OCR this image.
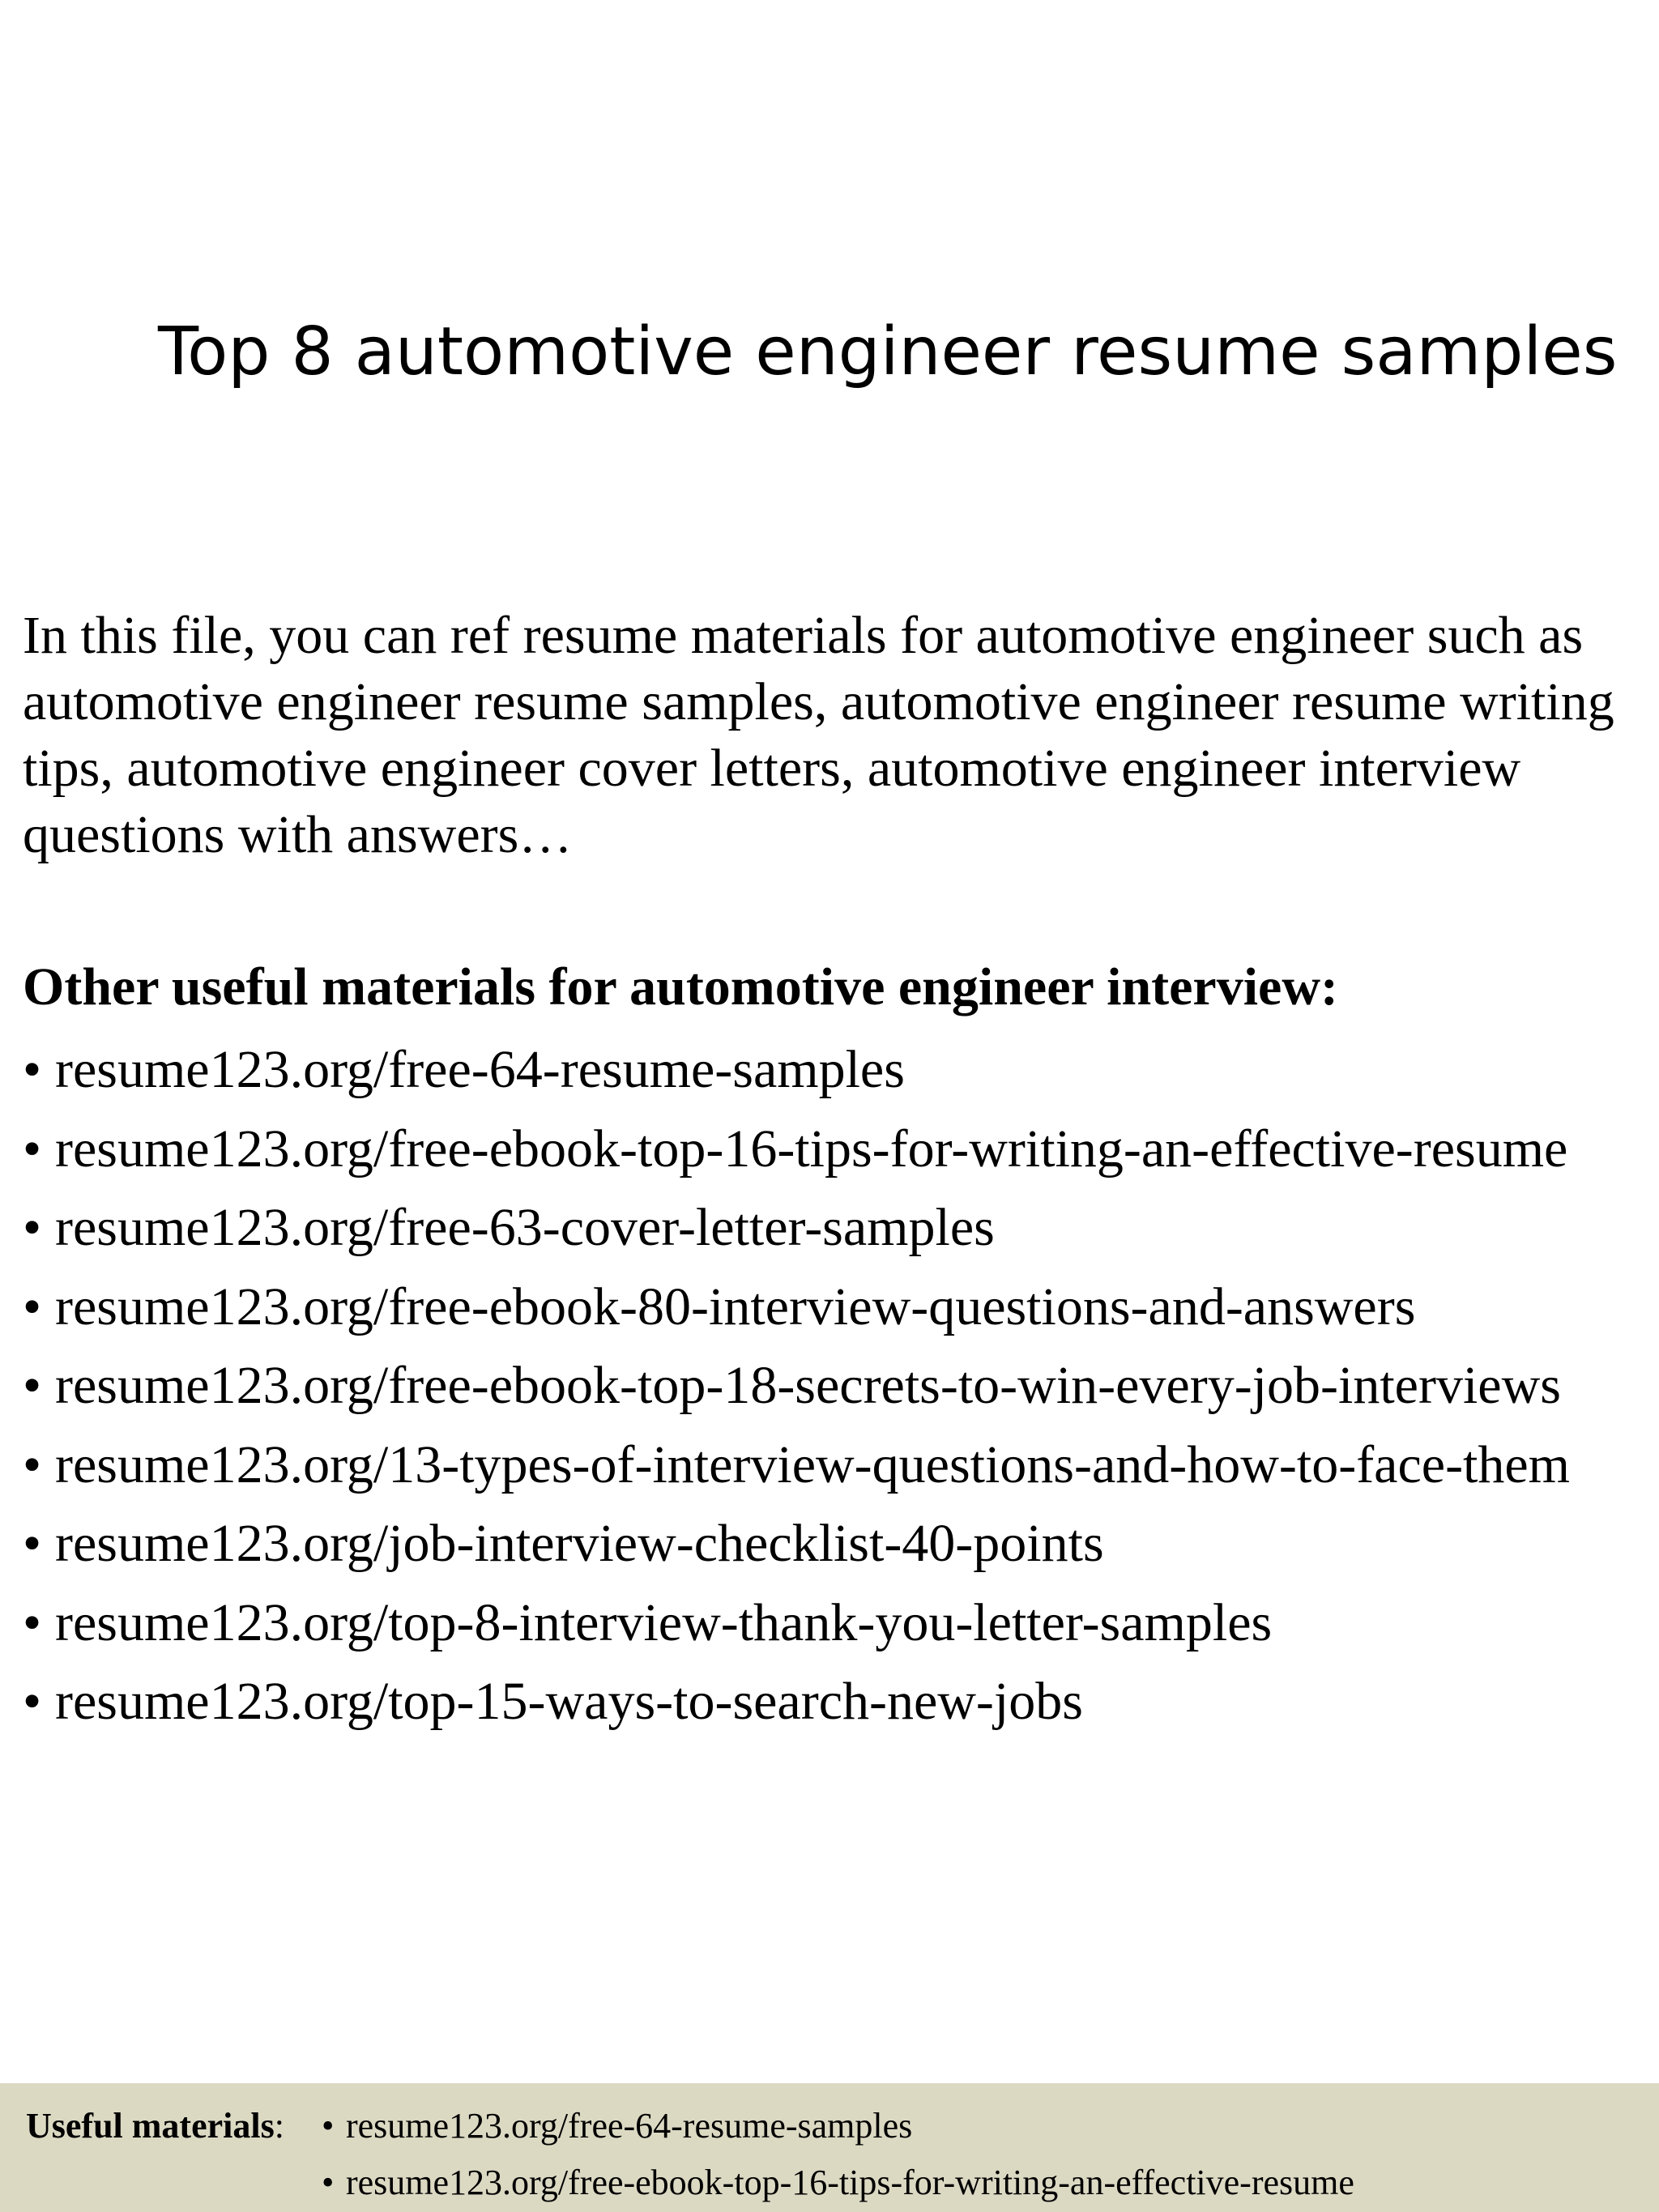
Top 8 automotive engineer resume samples

In this file, you can ref resume materials for automotive engineer such as automotive engineer resume samples, automotive engineer resume writing tips, automotive engineer cover letters, automotive engineer interview questions with answers…

Other useful materials for automotive engineer interview:
• resume123.org/free-64-resume-samples
• resume123.org/free-ebook-top-16-tips-for-writing-an-effective-resume
• resume123.org/free-63-cover-letter-samples
• resume123.org/free-ebook-80-interview-questions-and-answers
• resume123.org/free-ebook-top-18-secrets-to-win-every-job-interviews
• resume123.org/13-types-of-interview-questions-and-how-to-face-them
• resume123.org/job-interview-checklist-40-points
• resume123.org/top-8-interview-thank-you-letter-samples
• resume123.org/top-15-ways-to-search-new-jobs
Useful materials: • resume123.org/free-64-resume-samples
• resume123.org/free-ebook-top-16-tips-for-writing-an-effective-resume
